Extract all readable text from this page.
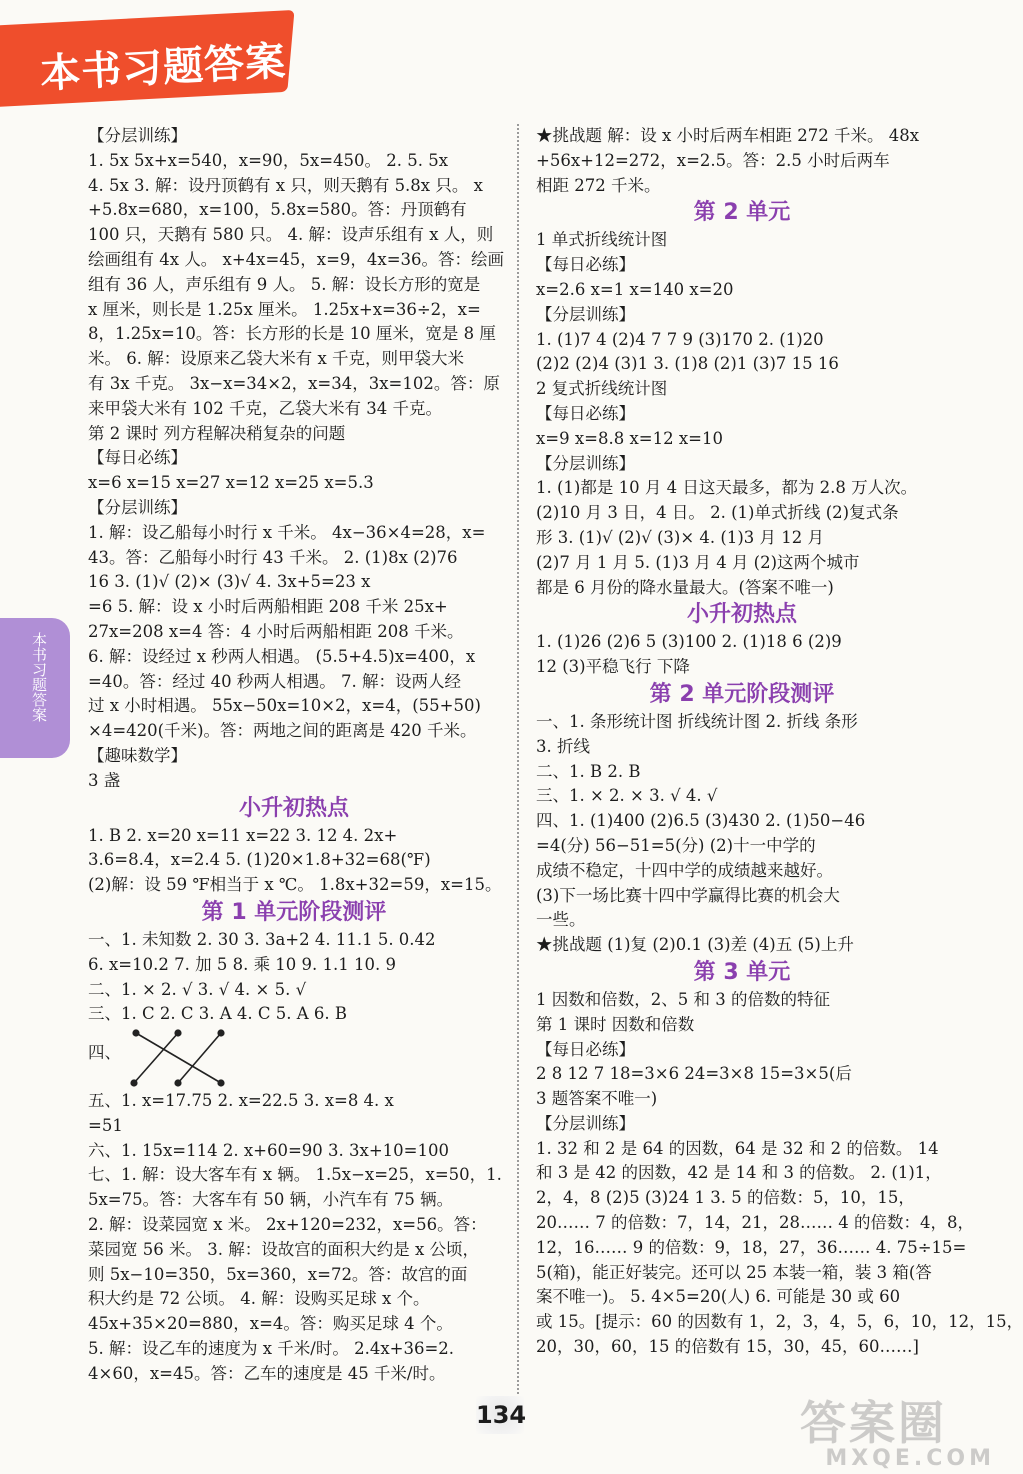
本书习题答案
本书习题答案
【分层训练】
1. 5x 5x+x=540，x=90，5x=450。 2. 5. 5x
4. 5x 3. 解：设丹顶鹤有 x 只，则天鹅有 5.8x 只。 x
+5.8x=680，x=100，5.8x=580。答：丹顶鹤有
100 只，天鹅有 580 只。 4. 解：设声乐组有 x 人，则
绘画组有 4x 人。 x+4x=45，x=9，4x=36。答：绘画
组有 36 人，声乐组有 9 人。 5. 解：设长方形的宽是
x 厘米，则长是 1.25x 厘米。 1.25x+x=36÷2，x=
8，1.25x=10。答：长方形的长是 10 厘米，宽是 8 厘
米。 6. 解：设原来乙袋大米有 x 千克，则甲袋大米
有 3x 千克。 3x−x=34×2，x=34，3x=102。答：原
来甲袋大米有 102 千克，乙袋大米有 34 千克。
第 2 课时 列方程解决稍复杂的问题
【每日必练】
x=6 x=15 x=27 x=12 x=25 x=5.3
【分层训练】
1. 解：设乙船每小时行 x 千米。 4x−36×4=28，x=
43。答：乙船每小时行 43 千米。 2. (1)8x (2)76
16 3. (1)√ (2)× (3)√ 4. 3x+5=23 x
=6 5. 解：设 x 小时后两船相距 208 千米 25x+
27x=208 x=4 答：4 小时后两船相距 208 千米。
6. 解：设经过 x 秒两人相遇。 (5.5+4.5)x=400，x
=40。答：经过 40 秒两人相遇。 7. 解：设两人经
过 x 小时相遇。 55x−50x=10×2，x=4，(55+50)
×4=420(千米)。答：两地之间的距离是 420 千米。
【趣味数学】
3 盏
小升初热点
1. B 2. x=20 x=11 x=22 3. 12 4. 2x+
3.6=8.4，x=2.4 5. (1)20×1.8+32=68(℉)
(2)解：设 59 ℉相当于 x ℃。 1.8x+32=59，x=15。
第 1 单元阶段测评
一、1. 未知数 2. 30 3. 3a+2 4. 11.1 5. 0.42
6. x=10.2 7. 加 5 8. 乘 10 9. 1.1 10. 9
二、1. × 2. √ 3. √ 4. × 5. √
三、1. C 2. C 3. A 4. C 5. A 6. B
四、
五、1. x=17.75 2. x=22.5 3. x=8 4. x
=51
六、1. 15x=114 2. x+60=90 3. 3x+10=100
七、1. 解：设大客车有 x 辆。 1.5x−x=25，x=50，1.
5x=75。答：大客车有 50 辆，小汽车有 75 辆。
2. 解：设菜园宽 x 米。 2x+120=232，x=56。答：
菜园宽 56 米。 3. 解：设故宫的面积大约是 x 公顷，
则 5x−10=350，5x=360，x=72。答：故宫的面
积大约是 72 公顷。 4. 解：设购买足球 x 个。
45x+35×20=880，x=4。答：购买足球 4 个。
5. 解：设乙车的速度为 x 千米/时。 2.4x+36=2.
4×60，x=45。答：乙车的速度是 45 千米/时。
★挑战题 解：设 x 小时后两车相距 272 千米。 48x
+56x+12=272，x=2.5。答：2.5 小时后两车
相距 272 千米。
第 2 单元
1 单式折线统计图
【每日必练】
x=2.6 x=1 x=140 x=20
【分层训练】
1. (1)7 4 (2)4 7 7 9 (3)170 2. (1)20
(2)2 (2)4 (3)1 3. (1)8 (2)1 (3)7 15 16
2 复式折线统计图
【每日必练】
x=9 x=8.8 x=12 x=10
【分层训练】
1. (1)都是 10 月 4 日这天最多，都为 2.8 万人次。
(2)10 月 3 日，4 日。 2. (1)单式折线 (2)复式条
形 3. (1)√ (2)√ (3)× 4. (1)3 月 12 月
(2)7 月 1 月 5. (1)3 月 4 月 (2)这两个城市
都是 6 月份的降水量最大。(答案不唯一)
小升初热点
1. (1)26 (2)6 5 (3)100 2. (1)18 6 (2)9
12 (3)平稳飞行 下降
第 2 单元阶段测评
一、1. 条形统计图 折线统计图 2. 折线 条形
3. 折线
二、1. B 2. B
三、1. × 2. × 3. √ 4. √
四、1. (1)400 (2)6.5 (3)430 2. (1)50−46
=4(分) 56−51=5(分) (2)十一中学的
成绩不稳定，十四中学的成绩越来越好。
(3)下一场比赛十四中学赢得比赛的机会大
一些。
★挑战题 (1)复 (2)0.1 (3)差 (4)五 (5)上升
第 3 单元
1 因数和倍数，2、5 和 3 的倍数的特征
第 1 课时 因数和倍数
【每日必练】
2 8 12 7 18=3×6 24=3×8 15=3×5(后
3 题答案不唯一)
【分层训练】
1. 32 和 2 是 64 的因数，64 是 32 和 2 的倍数。 14
和 3 是 42 的因数，42 是 14 和 3 的倍数。 2. (1)1，
2，4，8 (2)5 (3)24 1 3. 5 的倍数：5，10，15，
20…… 7 的倍数：7，14，21，28…… 4 的倍数：4，8，
12，16…… 9 的倍数：9，18，27，36…… 4. 75÷15=
5(箱)，能正好装完。还可以 25 本装一箱，装 3 箱(答
案不唯一)。 5. 4×5=20(人) 6. 可能是 30 或 60
或 15。[提示：60 的因数有 1，2，3，4，5，6，10，12，15，
20，30，60，15 的倍数有 15，30，45，60……]
134	答案圈
MXQE.COM
